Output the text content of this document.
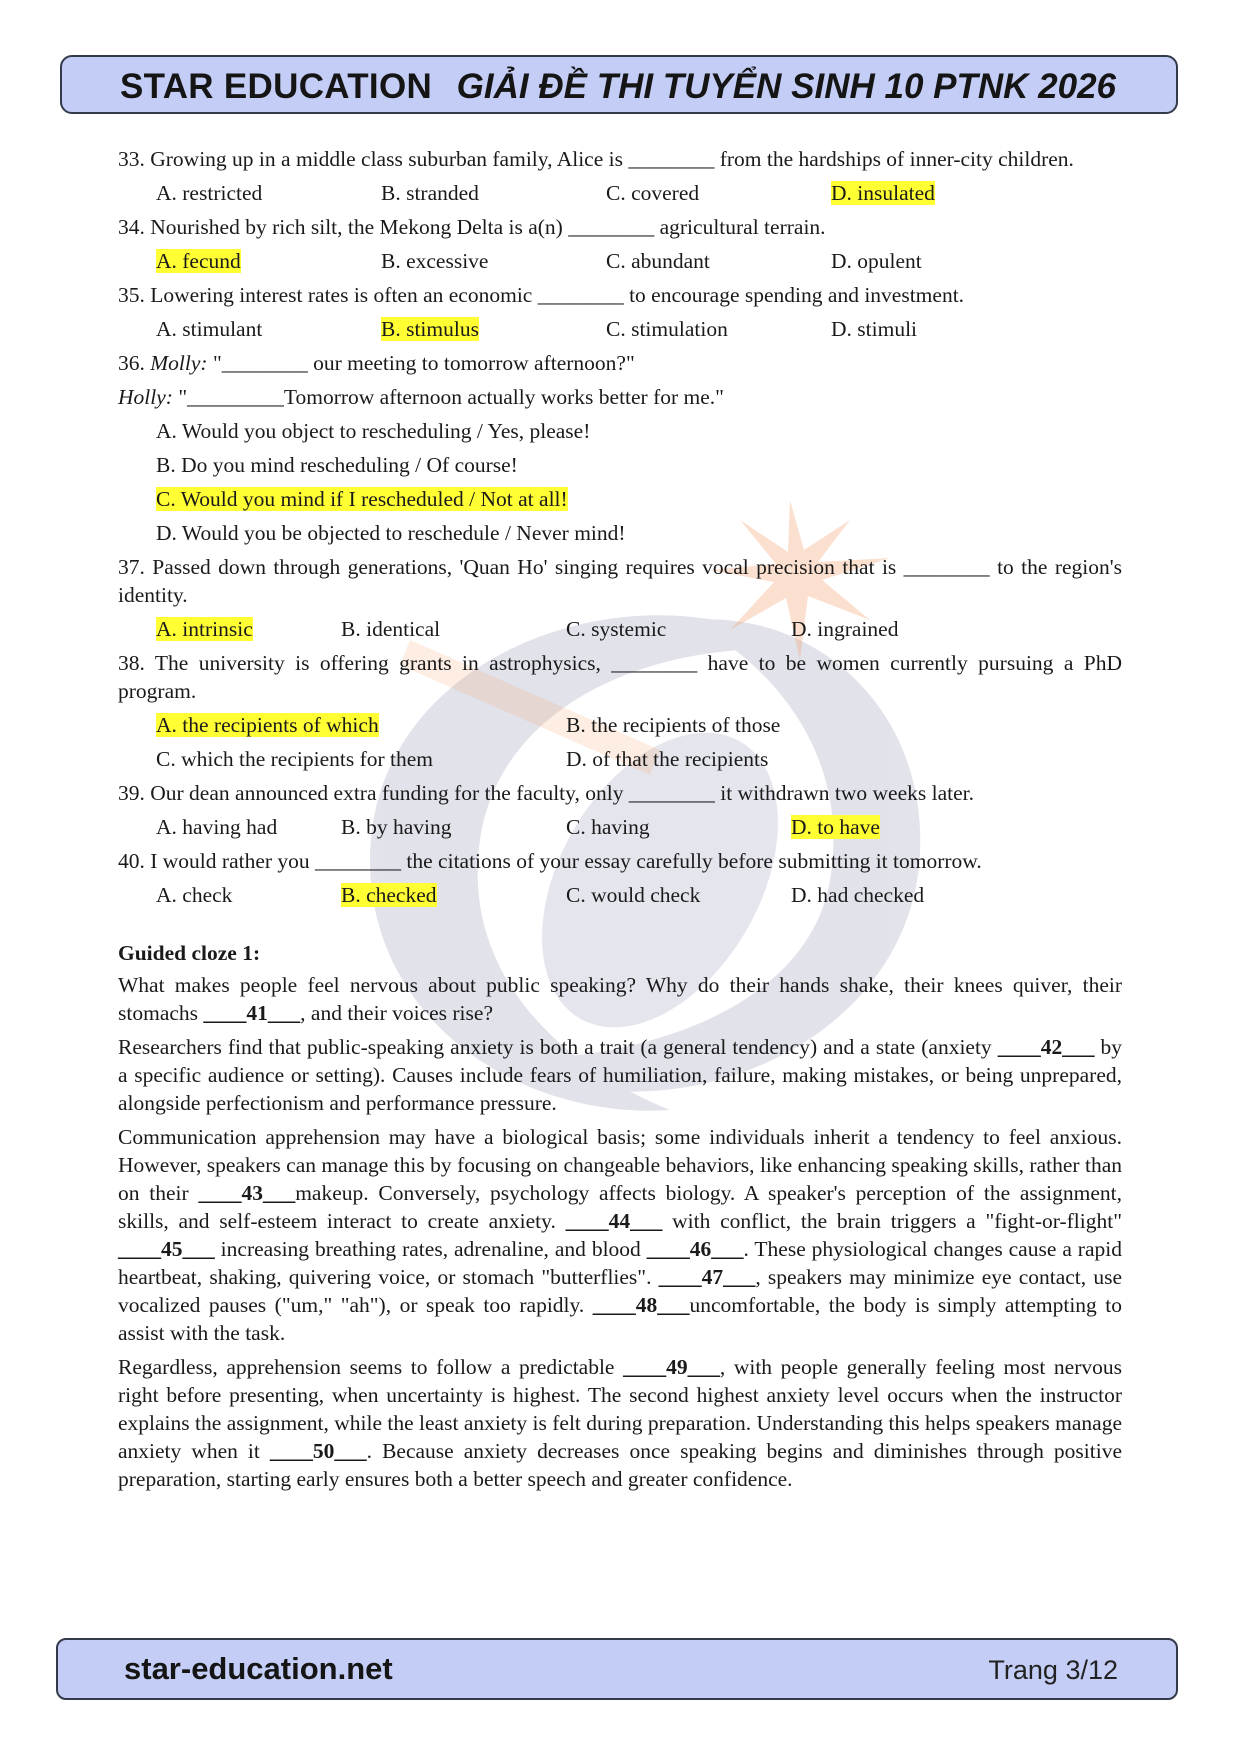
STAR EDUCATION GIẢI ĐỀ THI TUYỂN SINH 10 PTNK 2026
33. Growing up in a middle class suburban family, Alice is ________ from the hardships of inner-city children.
A. restricted	B. stranded	C. covered	D. insulated
34. Nourished by rich silt, the Mekong Delta is a(n) ________ agricultural terrain.
A. fecund	B. excessive	C. abundant	D. opulent
35. Lowering interest rates is often an economic ________ to encourage spending and investment.
A. stimulant	B. stimulus	C. stimulation	D. stimuli
36. Molly: "________ our meeting to tomorrow afternoon?"
Holly: "_________Tomorrow afternoon actually works better for me."
A. Would you object to rescheduling / Yes, please!
B. Do you mind rescheduling / Of course!
C. Would you mind if I rescheduled / Not at all!
D. Would you be objected to reschedule / Never mind!
37. Passed down through generations, 'Quan Ho' singing requires vocal precision that is ________ to the region's identity.
A. intrinsic	B. identical	C. systemic	D. ingrained
38. The university is offering grants in astrophysics, ________ have to be women currently pursuing a PhD program.
A. the recipients of which	B. the recipients of those
C. which the recipients for them	D. of that the recipients
39. Our dean announced extra funding for the faculty, only ________ it withdrawn two weeks later.
A. having had	B. by having	C. having	D. to have
40. I would rather you ________ the citations of your essay carefully before submitting it tomorrow.
A. check	B. checked	C. would check	D. had checked
Guided cloze 1:
What makes people feel nervous about public speaking? Why do their hands shake, their knees quiver, their stomachs ____41___, and their voices rise?
Researchers find that public-speaking anxiety is both a trait (a general tendency) and a state (anxiety ____42___ by a specific audience or setting). Causes include fears of humiliation, failure, making mistakes, or being unprepared, alongside perfectionism and performance pressure.
Communication apprehension may have a biological basis; some individuals inherit a tendency to feel anxious. However, speakers can manage this by focusing on changeable behaviors, like enhancing speaking skills, rather than on their ____43___makeup. Conversely, psychology affects biology. A speaker's perception of the assignment, skills, and self-esteem interact to create anxiety. ____44___ with conflict, the brain triggers a "fight-or-flight" ____45___ increasing breathing rates, adrenaline, and blood ____46___. These physiological changes cause a rapid heartbeat, shaking, quivering voice, or stomach "butterflies". ____47___, speakers may minimize eye contact, use vocalized pauses ("um," "ah"), or speak too rapidly. ____48___uncomfortable, the body is simply attempting to assist with the task.
Regardless, apprehension seems to follow a predictable ____49___, with people generally feeling most nervous right before presenting, when uncertainty is highest. The second highest anxiety level occurs when the instructor explains the assignment, while the least anxiety is felt during preparation. Understanding this helps speakers manage anxiety when it ____50___. Because anxiety decreases once speaking begins and diminishes through positive preparation, starting early ensures both a better speech and greater confidence.
star-education.net	Trang 3/12
